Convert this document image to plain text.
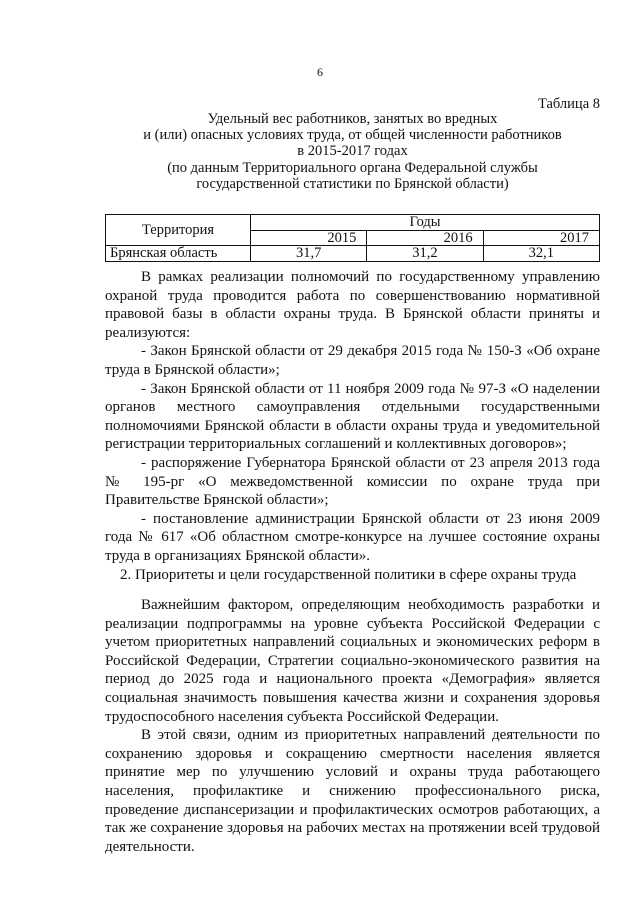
6
Таблица 8
Удельный вес работников, занятых во вредных
и (или) опасных условиях труда, от общей численности работников
в 2015-2017 годах
(по данным Территориального органа Федеральной службы
государственной статистики по Брянской области)
Территория	Годы		
	2015	2016	2017
Брянская область	31,7	31,2	32,1

В рамках реализации полномочий по государственному управлению охраной труда проводится работа по совершенствованию нормативной правовой базы в области охраны труда. В Брянской области приняты и реализуются:

- Закон Брянской области от 29 декабря 2015 года № 150-З «Об охране труда в Брянской области»;

- Закон Брянской области от 11 ноября 2009 года № 97-З «О наделении органов местного самоуправления отдельными государственными полномочиями Брянской области в области охраны труда и уведомительной регистрации территориальных соглашений и коллективных договоров»;

- распоряжение Губернатора Брянской области от 23 апреля 2013 года № 195-рг «О межведомственной комиссии по охране труда при Правительстве Брянской области»;

- постановление администрации Брянской области от 23 июня 2009 года № 617 «Об областном смотре-конкурсе на лучшее состояние охраны труда в организациях Брянской области».

2. Приоритеты и цели государственной политики в сфере охраны труда

Важнейшим фактором, определяющим необходимость разработки и реализации подпрограммы на уровне субъекта Российской Федерации с учетом приоритетных направлений социальных и экономических реформ в Российской Федерации, Стратегии социально-экономического развития на период до 2025 года и национального проекта «Демография» является социальная значимость повышения качества жизни и сохранения здоровья трудоспособного населения субъекта Российской Федерации.

В этой связи, одним из приоритетных направлений деятельности по сохранению здоровья и сокращению смертности населения является принятие мер по улучшению условий и охраны труда работающего населения, профилактике и снижению профессионального риска, проведение диспансеризации и профилактических осмотров работающих, а так же сохранение здоровья на рабочих местах на протяжении всей трудовой деятельности.
